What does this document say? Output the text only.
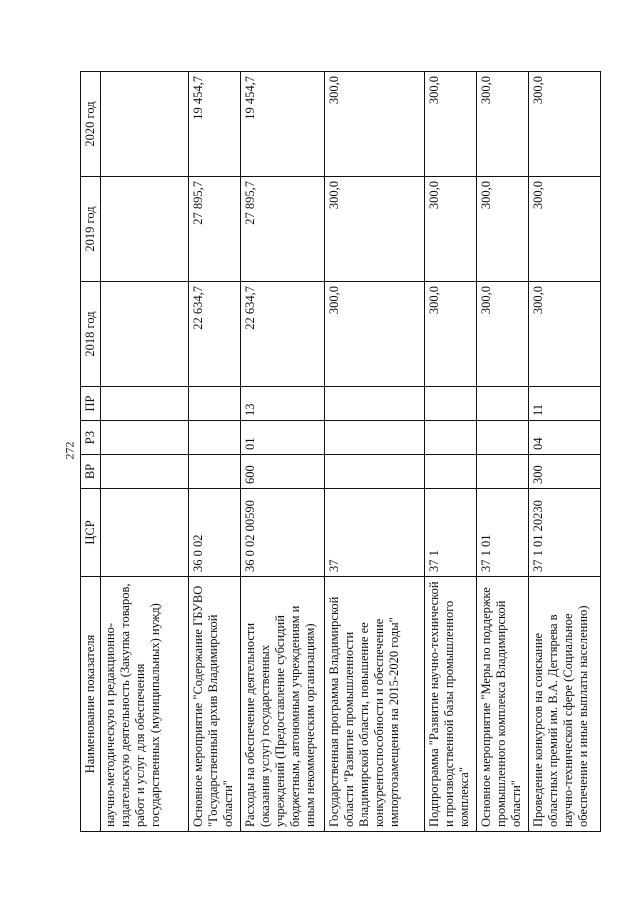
272
Наименование показателя	ЦСР	ВР	РЗ	ПР	2018 год	2019 год	2020 год
научно-методическую и редакционно-издательскую деятельность (Закупка товаров, работ и услуг для обеспечения государственных (муниципальных) нужд)							
Основное мероприятие "Содержание ГБУВО "Государственный архив Владимирской области"	36 0 02				22 634,7	27 895,7	19 454,7
Расходы на обеспечение деятельности (оказания услуг) государственных учреждений (Предоставление субсидий бюджетным, автономным учреждениям и иным некоммерческим организациям)	36 0 02 00590	600	01	13	22 634,7	27 895,7	19 454,7
Государственная программа Владимирской области "Развитие промышленности Владимирской области, повышение ее конкурентоспособности и обеспечение импортозамещения на 2015-2020 годы"	37				300,0	300,0	300,0
Подпрограмма "Развитие научно-технической и производственной базы промышленного комплекса"	37 1				300,0	300,0	300,0
Основное мероприятие "Меры по поддержке промышленного комплекса Владимирской области"	37 1 01				300,0	300,0	300,0
Проведение конкурсов на соискание областных премий им. В.А. Дегтярева в научно-технической сфере (Социальное обеспечение и иные выплаты населению)	37 1 01 20230	300	04	11	300,0	300,0	300,0
